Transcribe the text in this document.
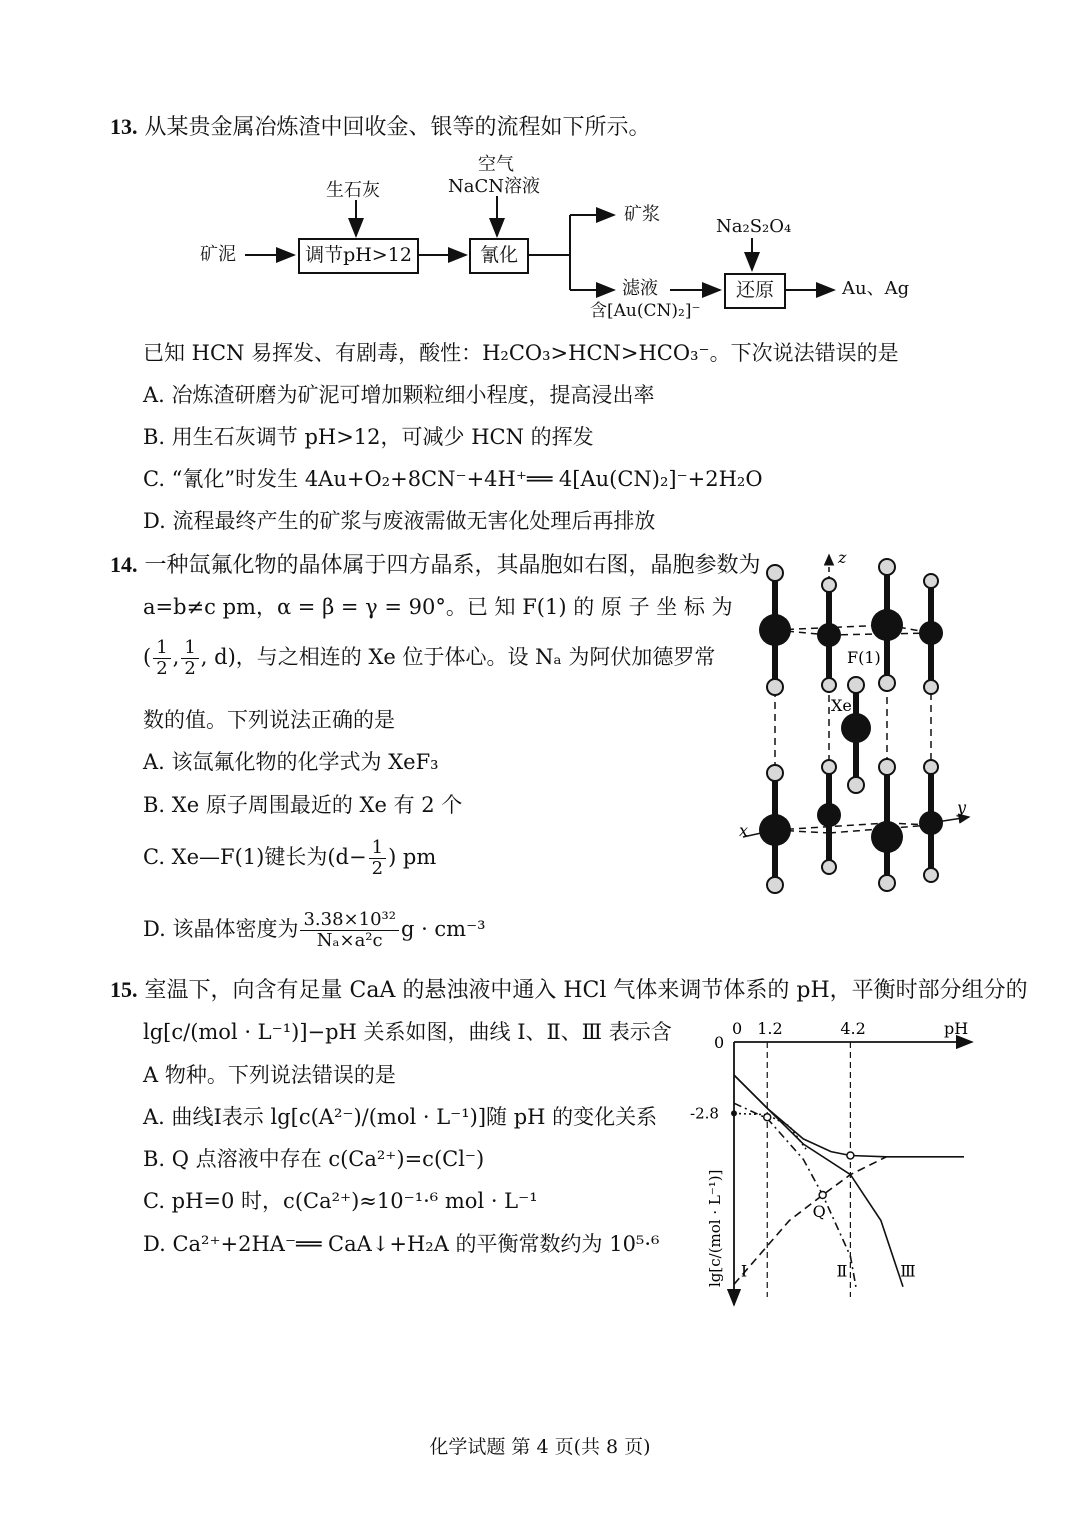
13. 从某贵金属冶炼渣中回收金、银等的流程如下所示。
矿泥
生石灰
调节pH>12
空气
NaCN溶液
氰化
矿浆
滤液
含[Au(CN)₂]⁻
Na₂S₂O₄
还原	Au、Ag
已知 HCN 易挥发、有剧毒，酸性：H₂CO₃>HCN>HCO₃⁻。下次说法错误的是
A. 冶炼渣研磨为矿泥可增加颗粒细小程度，提高浸出率
B. 用生石灰调节 pH>12，可减少 HCN 的挥发
C. “氰化”时发生 4Au+O₂+8CN⁻+4H⁺══ 4[Au(CN)₂]⁻+2H₂O
D. 流程最终产生的矿浆与废液需做无害化处理后再排放
14. 一种氙氟化物的晶体属于四方晶系，其晶胞如右图，晶胞参数为
a=b≠c pm，α = β = γ = 90°。已 知 F(1) 的 原 子 坐 标 为
( $\frac{1}{2}$ , $\frac{1}{2}$ , d)，与之相连的 Xe 位于体心。设 Nₐ 为阿伏加德罗常
数的值。下列说法正确的是
A. 该氙氟化物的化学式为 XeF₃
B. Xe 原子周围最近的 Xe 有 2 个
C. Xe—F(1)键长为($d- \frac{1}{2}$ ) pm
D. 该晶体密度为 $\frac{\text{3.38×10³²}}{\text{Nₐ×a²c}}$ g · cm⁻³
z
x
y
F(1)
Xe
15. 室温下，向含有足量 CaA 的悬浊液中通入 HCl 气体来调节体系的 pH，平衡时部分组分的
lg[c/(mol · L⁻¹)]−pH 关系如图，曲线 Ⅰ、Ⅱ、Ⅲ 表示含
A 物种。下列说法错误的是
A. 曲线Ⅰ表示 lg[c(A²⁻)/(mol · L⁻¹)]随 pH 的变化关系
B. Q 点溶液中存在 c(Ca²⁺)=c(Cl⁻)
C. pH=0 时，c(Ca²⁺)≈10⁻¹·⁶ mol · L⁻¹
D. Ca²⁺+2HA⁻══ CaA↓+H₂A 的平衡常数约为 10⁵·⁶
0 1.2	4.2
0
-2.8
pH
lg[c/(mol · L⁻¹)]	Q
Ⅰ	Ⅱ	Ⅲ
化学试题 第 4 页(共 8 页)
